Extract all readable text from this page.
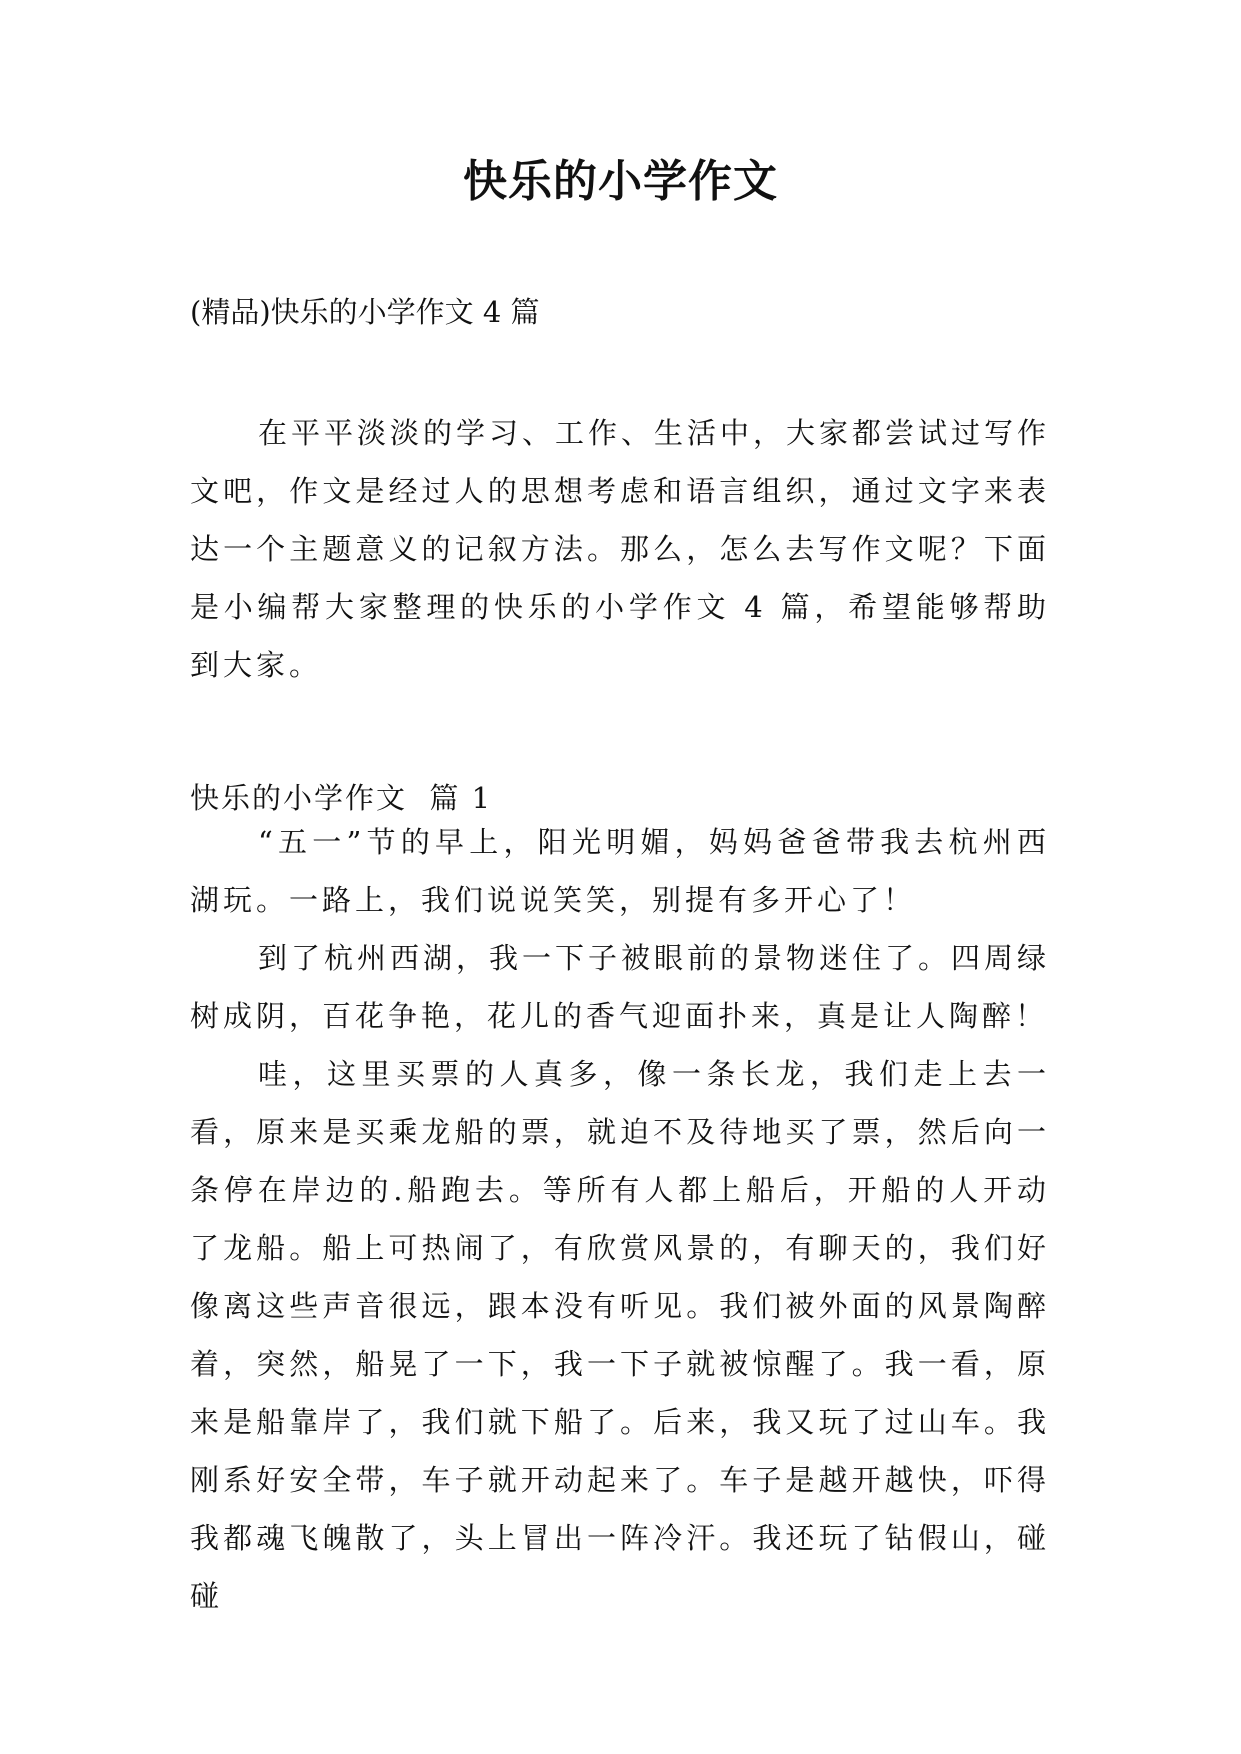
快乐的小学作文
(精品)快乐的小学作文 4 篇

在平平淡淡的学习、工作、生活中，大家都尝试过写作文吧，作文是经过人的思想考虑和语言组织，通过文字来表达一个主题意义的记叙方法。那么，怎么去写作文呢？下面是小编帮大家整理的快乐的小学作文 4 篇，希望能够帮助到大家。

快乐的小学作文  篇 1

“五一”节的早上，阳光明媚，妈妈爸爸带我去杭州西湖玩。一路上，我们说说笑笑，别提有多开心了！

到了杭州西湖，我一下子被眼前的景物迷住了。四周绿树成阴，百花争艳，花儿的香气迎面扑来，真是让人陶醉！

哇，这里买票的人真多，像一条长龙，我们走上去一看，原来是买乘龙船的票，就迫不及待地买了票，然后向一条停在岸边的.船跑去。等所有人都上船后，开船的人开动了龙船。船上可热闹了，有欣赏风景的，有聊天的，我们好像离这些声音很远，跟本没有听见。我们被外面的风景陶醉着，突然，船晃了一下，我一下子就被惊醒了。我一看，原来是船靠岸了，我们就下船了。后来，我又玩了过山车。我刚系好安全带，车子就开动起来了。车子是越开越快，吓得我都魂飞魄散了，头上冒出一阵冷汗。我还玩了钻假山，碰碰
